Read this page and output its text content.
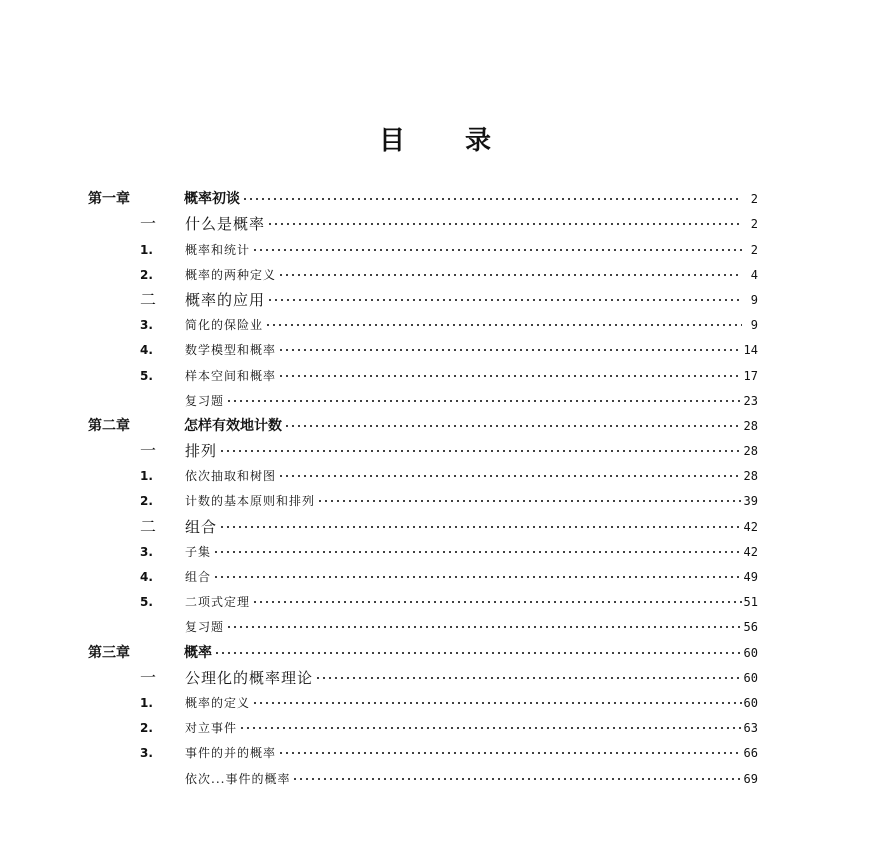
目 录
第一章	概率初谈	2
一	什么是概率	2
1.	概率和统计	2
2.	概率的两种定义	4
二	概率的应用	9
3.	简化的保险业	9
4.	数学模型和概率	14
5.	样本空间和概率	17
复习题	23
第二章	怎样有效地计数	28
一	排列	28
1.	依次抽取和树图	28
2.	计数的基本原则和排列	39
二	组合	42
3.	子集	42
4.	组合	49
5.	二项式定理	51
复习题	56
第三章	概率	60
一	公理化的概率理论	60
1.	概率的定义	60
2.	对立事件	63
3.	事件的并的概率	66
依次...事件的概率	69
